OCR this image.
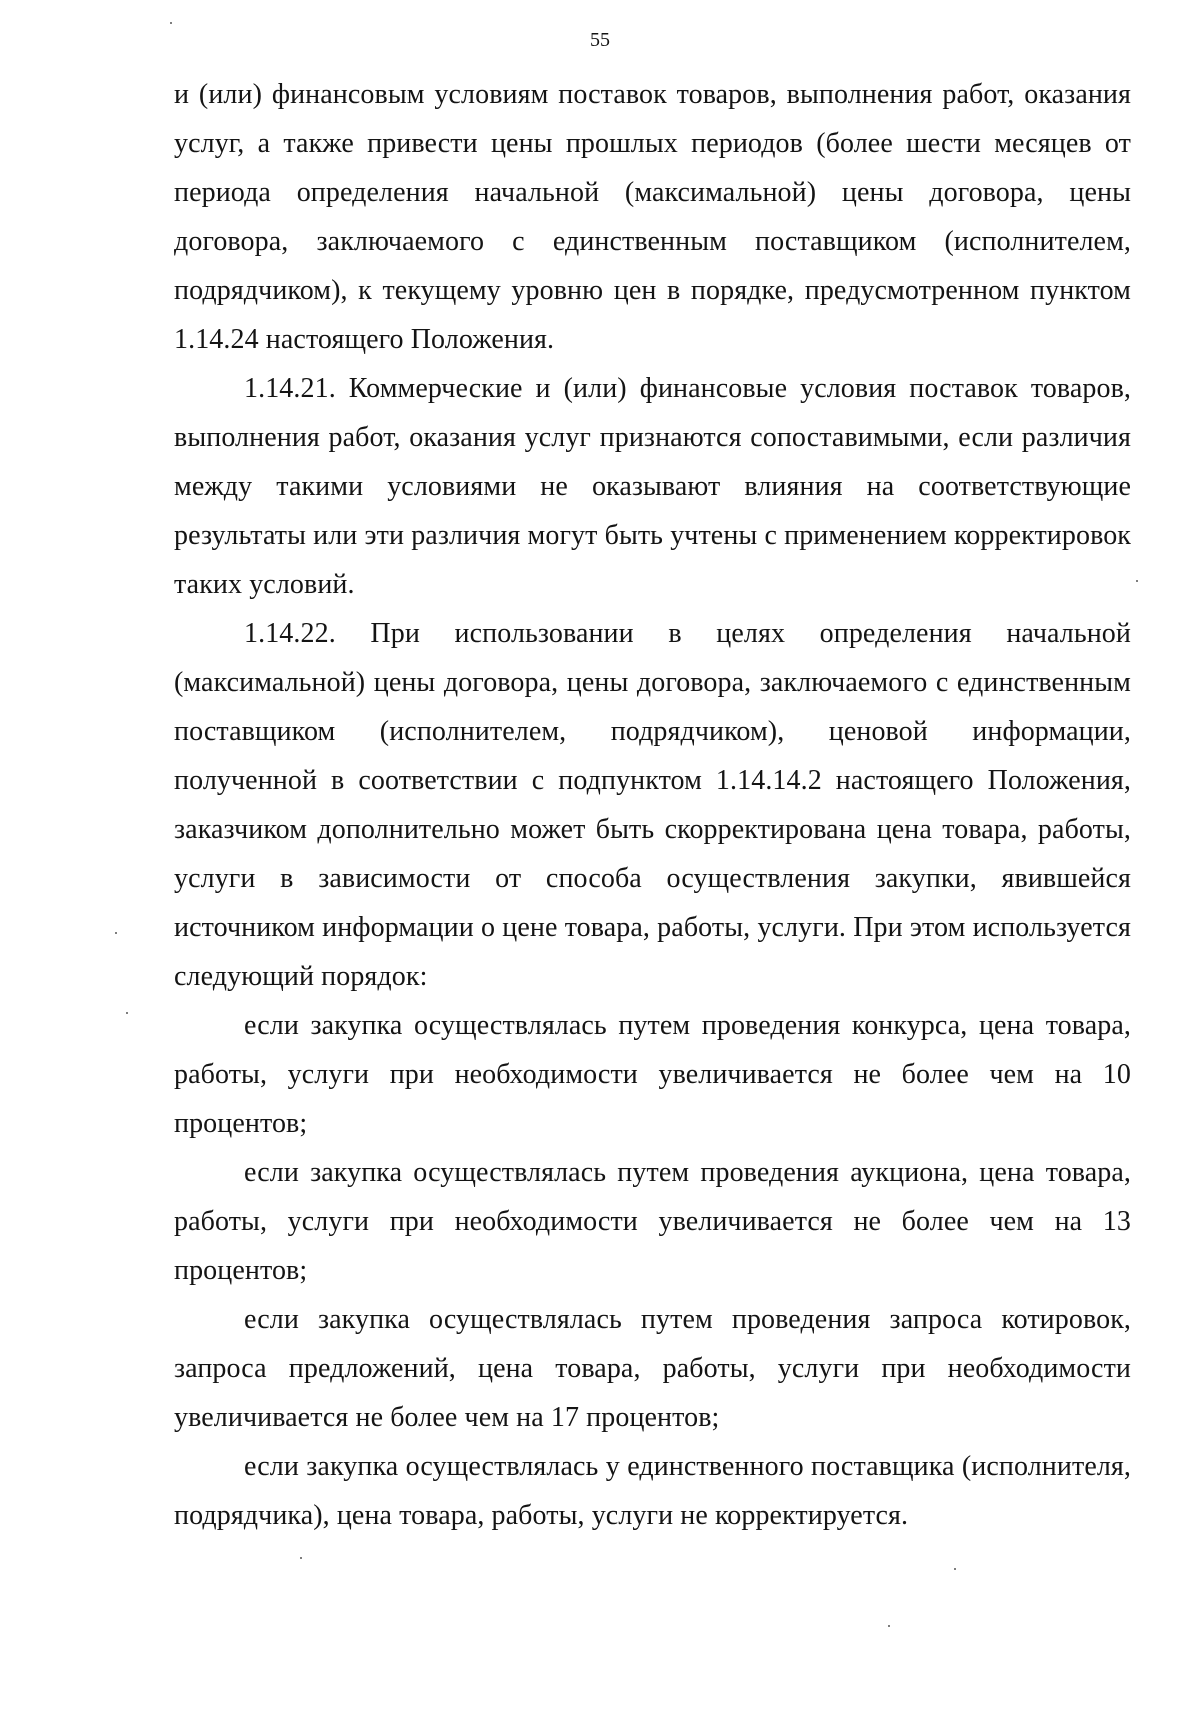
55

и (или) финансовым условиям поставок товаров, выполнения работ, оказания услуг, а также привести цены прошлых периодов (более шести месяцев от периода определения начальной (максимальной) цены договора, цены договора, заключаемого с единственным поставщиком (исполнителем, подрядчиком), к текущему уровню цен в порядке, предусмотренном пунктом 1.14.24 настоящего Положения.

1.14.21. Коммерческие и (или) финансовые условия поставок товаров, выполнения работ, оказания услуг признаются сопоставимыми, если различия между такими условиями не оказывают влияния на соответствующие результаты или эти различия могут быть учтены с применением корректировок таких условий.

1.14.22. При использовании в целях определения начальной (максимальной) цены договора, цены договора, заключаемого с единственным поставщиком (исполнителем, подрядчиком), ценовой информации, полученной в соответствии с подпунктом 1.14.14.2 настоящего Положения, заказчиком дополнительно может быть скорректирована цена товара, работы, услуги в зависимости от способа осуществления закупки, явившейся источником информации о цене товара, работы, услуги. При этом используется следующий порядок:

если закупка осуществлялась путем проведения конкурса, цена товара, работы, услуги при необходимости увеличивается не более чем на 10 процентов;

если закупка осуществлялась путем проведения аукциона, цена товара, работы, услуги при необходимости увеличивается не более чем на 13 процентов;

если закупка осуществлялась путем проведения запроса котировок, запроса предложений, цена товара, работы, услуги при необходимости увеличивается не более чем на 17 процентов;

если закупка осуществлялась у единственного поставщика (исполнителя, подрядчика), цена товара, работы, услуги не корректируется.
